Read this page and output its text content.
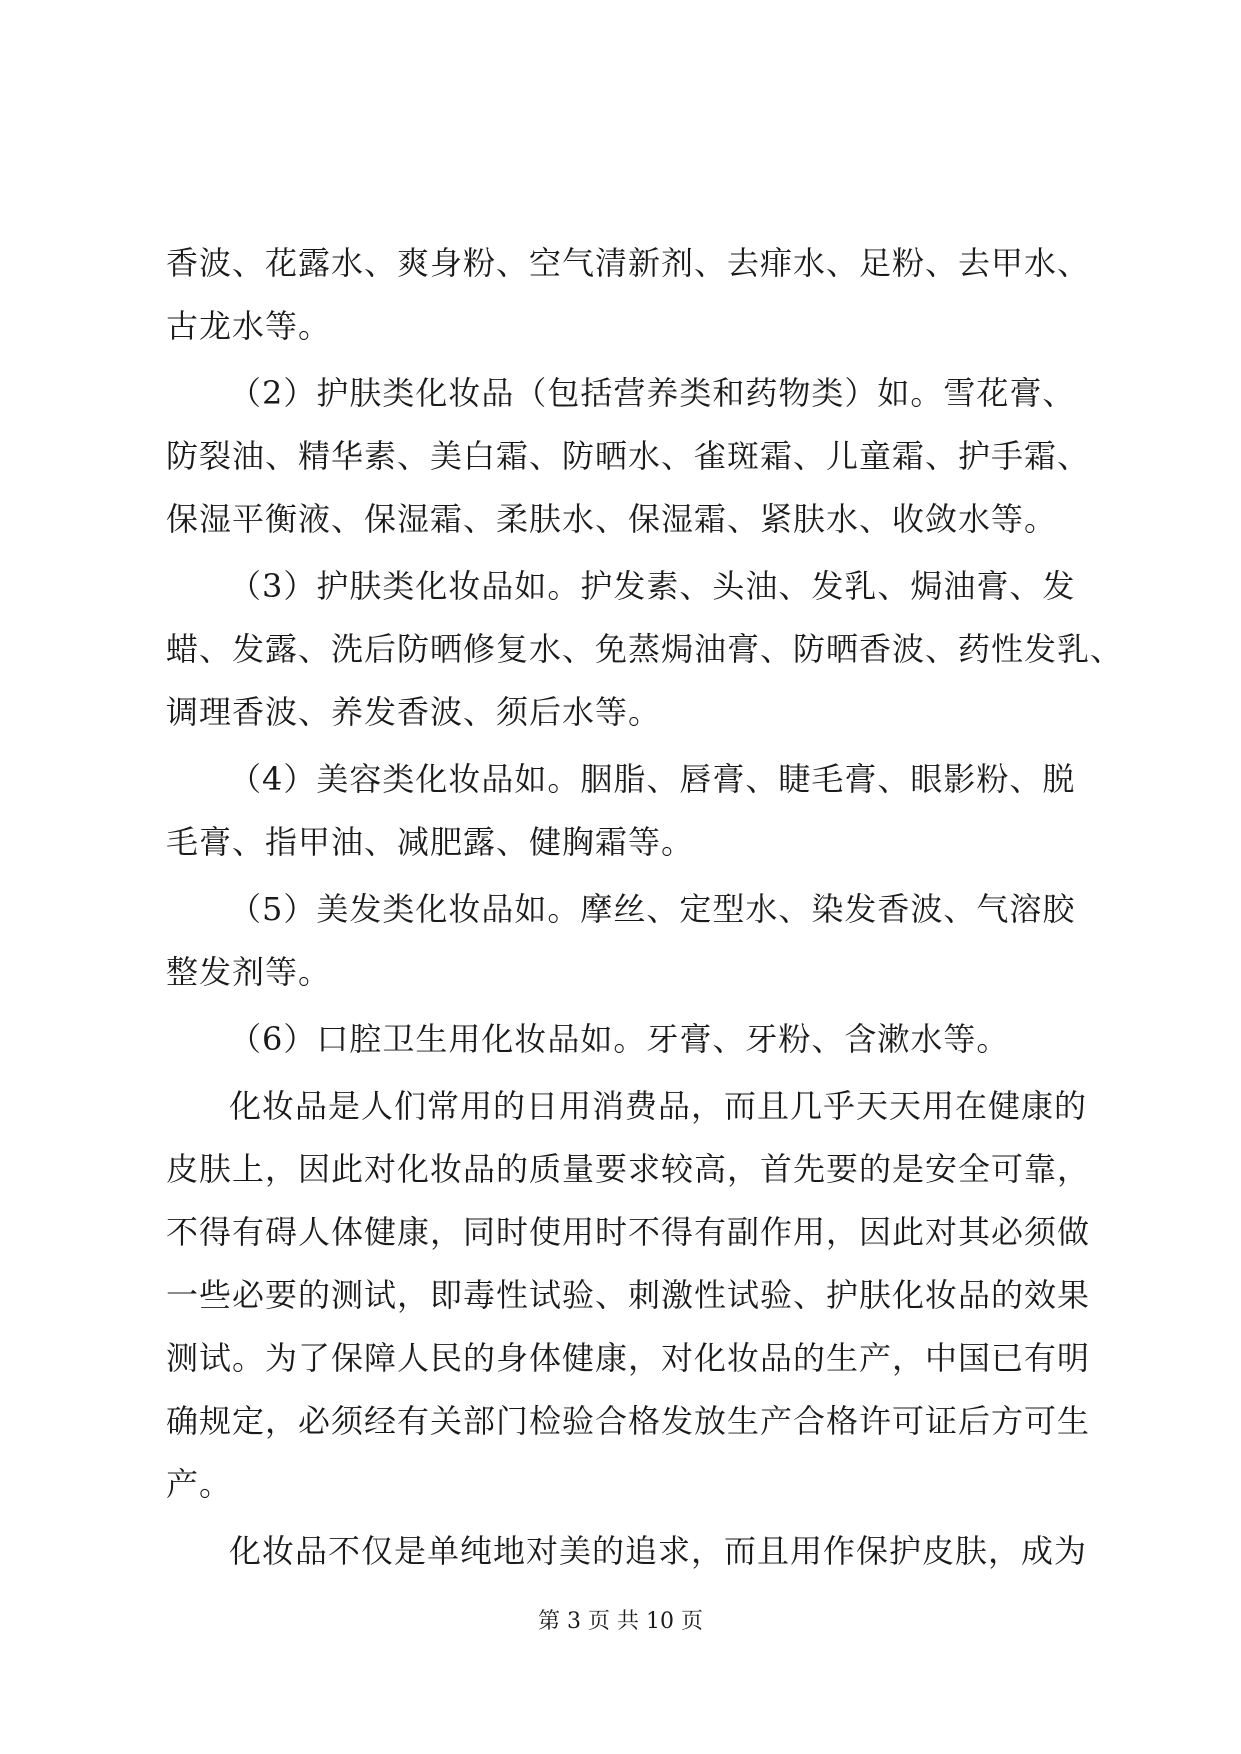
香波、花露水、爽身粉、空气清新剂、去痱水、足粉、去甲水、
古龙水等。
（2）护肤类化妆品（包括营养类和药物类）如。雪花膏、
防裂油、精华素、美白霜、防晒水、雀斑霜、儿童霜、护手霜、
保湿平衡液、保湿霜、柔肤水、保湿霜、紧肤水、收敛水等。
（3）护肤类化妆品如。护发素、头油、发乳、焗油膏、发
蜡、发露、洗后防晒修复水、免蒸焗油膏、防晒香波、药性发乳、
调理香波、养发香波、须后水等。
（4）美容类化妆品如。胭脂、唇膏、睫毛膏、眼影粉、脱
毛膏、指甲油、减肥露、健胸霜等。
（5）美发类化妆品如。摩丝、定型水、染发香波、气溶胶
整发剂等。
（6）口腔卫生用化妆品如。牙膏、牙粉、含漱水等。
化妆品是人们常用的日用消费品，而且几乎天天用在健康的
皮肤上，因此对化妆品的质量要求较高，首先要的是安全可靠，
不得有碍人体健康，同时使用时不得有副作用，因此对其必须做
一些必要的测试，即毒性试验、刺激性试验、护肤化妆品的效果
测试。为了保障人民的身体健康，对化妆品的生产，中国已有明
确规定，必须经有关部门检验合格发放生产合格许可证后方可生
产。
化妆品不仅是单纯地对美的追求，而且用作保护皮肤，成为
第 3 页 共 10 页
